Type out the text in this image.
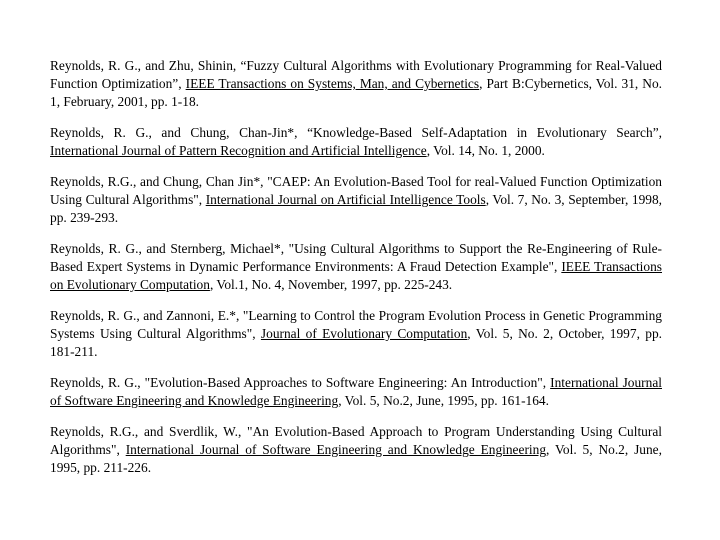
Reynolds, R. G., and Zhu, Shinin, “Fuzzy Cultural Algorithms with Evolutionary Programming for Real-Valued Function Optimization”, IEEE Transactions on Systems, Man, and Cybernetics, Part B:Cybernetics, Vol. 31, No. 1, February, 2001, pp. 1-18.

Reynolds, R. G., and Chung, Chan-Jin*, “Knowledge-Based Self-Adaptation in Evolutionary Search”, International Journal of Pattern Recognition and Artificial Intelligence, Vol. 14, No. 1, 2000.

Reynolds, R.G., and Chung, Chan Jin*, "CAEP: An Evolution-Based Tool for real-Valued Function Optimization Using Cultural Algorithms", International Journal on Artificial Intelligence Tools, Vol. 7, No. 3, September, 1998, pp. 239-293.

Reynolds, R. G., and Sternberg, Michael*, "Using Cultural Algorithms to Support the Re-Engineering of Rule-Based Expert Systems in Dynamic Performance Environments: A Fraud Detection Example", IEEE Transactions on Evolutionary Computation, Vol.1, No. 4, November, 1997, pp. 225-243.

Reynolds, R. G., and Zannoni, E.*, "Learning to Control the Program Evolution Process in Genetic Programming Systems Using Cultural Algorithms", Journal of Evolutionary Computation, Vol. 5, No. 2, October, 1997, pp. 181-211.

Reynolds, R. G., "Evolution-Based Approaches to Software Engineering: An Introduction", International Journal of Software Engineering and Knowledge Engineering, Vol. 5, No.2, June, 1995, pp. 161-164.

Reynolds, R.G., and Sverdlik, W., "An Evolution-Based Approach to Program Understanding Using Cultural Algorithms", International Journal of Software Engineering and Knowledge Engineering, Vol. 5, No.2, June, 1995, pp. 211-226.
